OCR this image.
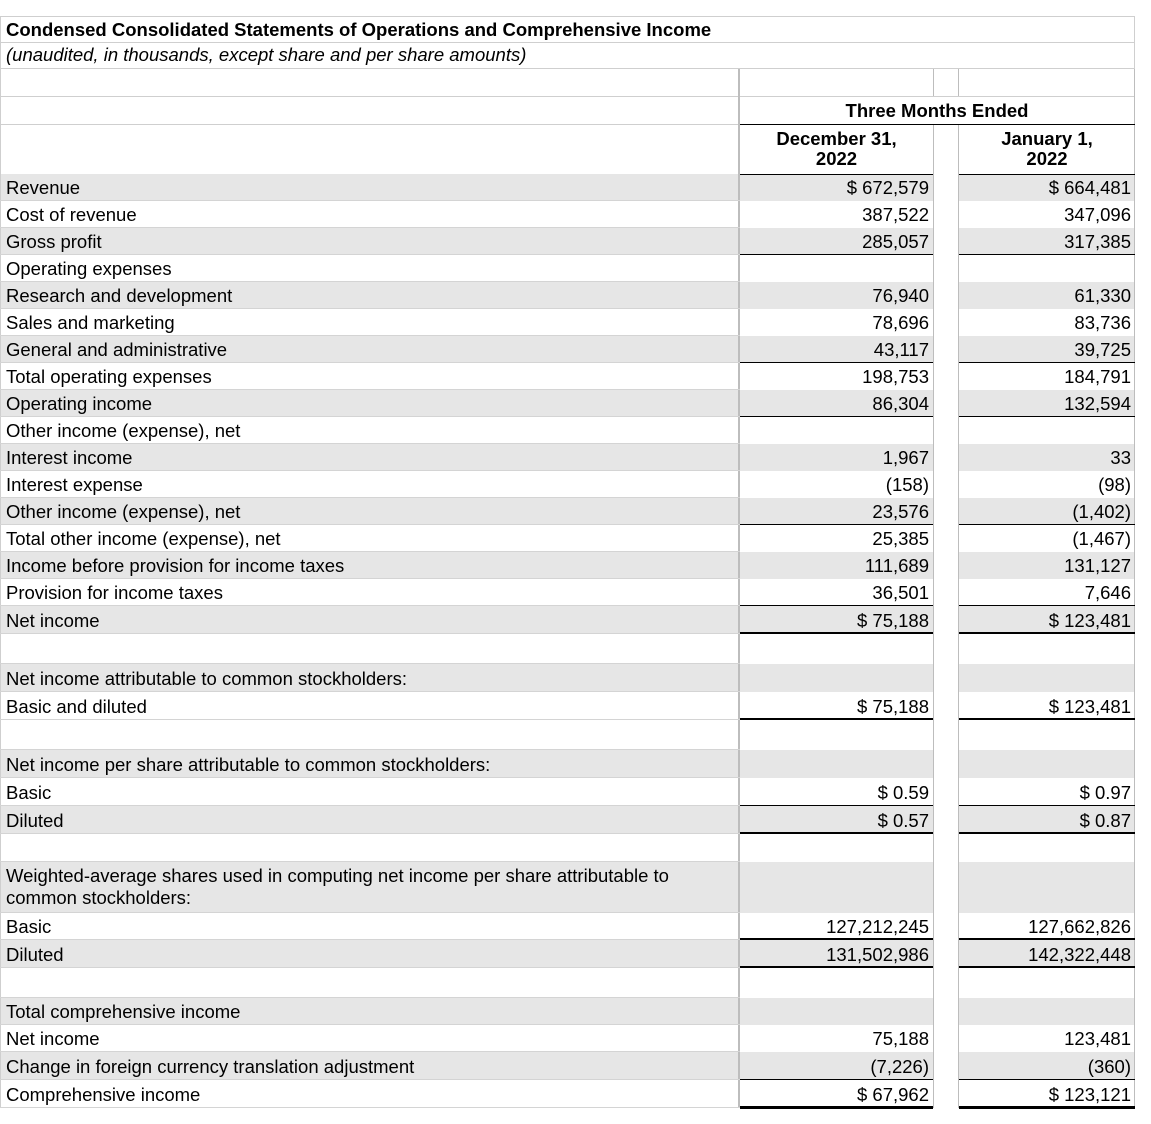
Condensed Consolidated Statements of Operations and Comprehensive Income
(unaudited, in thousands, except share and per share amounts)
Three Months Ended
December 31,
2022
January 1,
2022
Revenue	$ 672,579	$ 664,481
Cost of revenue	387,522	347,096
Gross profit	285,057	317,385
Operating expenses
Research and development	76,940	61,330
Sales and marketing	78,696	83,736
General and administrative	43,117	39,725
Total operating expenses	198,753	184,791
Operating income	86,304	132,594
Other income (expense), net
Interest income	1,967	33
Interest expense	(158)	(98)
Other income (expense), net	23,576	(1,402)
Total other income (expense), net	25,385	(1,467)
Income before provision for income taxes	111,689	131,127
Provision for income taxes	36,501	7,646
Net income	$ 75,188	$ 123,481
Net income attributable to common stockholders:
Basic and diluted	$ 75,188	$ 123,481
Net income per share attributable to common stockholders:
Basic	$ 0.59	$ 0.97
Diluted	$ 0.57	$ 0.87
Weighted-average shares used in computing net income per share attributable to
common stockholders:
Basic	127,212,245	127,662,826
Diluted	131,502,986	142,322,448
Total comprehensive income
Net income	75,188	123,481
Change in foreign currency translation adjustment	(7,226)	(360)
Comprehensive income	$ 67,962	$ 123,121
